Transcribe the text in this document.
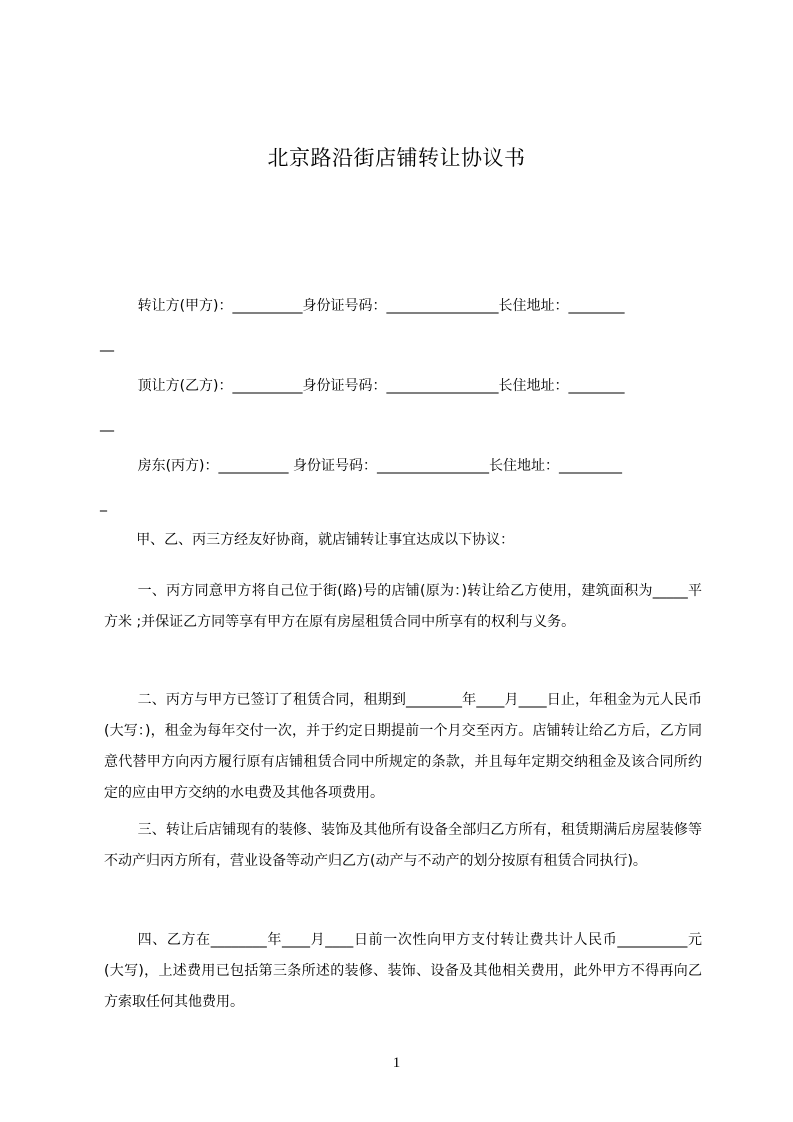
北京路沿街店铺转让协议书
转让方(甲方)：__________身份证号码：________________长住地址：________
__
顶让方(乙方)：__________身份证号码：________________长住地址：________
__
房东(丙方)：__________ 身份证号码：________________长住地址：_________
_
甲、乙、丙三方经友好协商，就店铺转让事宜达成以下协议：
一、丙方同意甲方将自己位于街(路)号的店铺(原为：)转让给乙方使用，建筑面积为_____平方米 ;并保证乙方同等享有甲方在原有房屋租赁合同中所享有的权利与义务。
二、丙方与甲方已签订了租赁合同，租期到________年____月____日止，年租金为元人民币(大写：)，租金为每年交付一次，并于约定日期提前一个月交至丙方。店铺转让给乙方后，乙方同意代替甲方向丙方履行原有店铺租赁合同中所规定的条款，并且每年定期交纳租金及该合同所约定的应由甲方交纳的水电费及其他各项费用。
三、转让后店铺现有的装修、装饰及其他所有设备全部归乙方所有，租赁期满后房屋装修等不动产归丙方所有，营业设备等动产归乙方(动产与不动产的划分按原有租赁合同执行)。
四、乙方在________年____月____日前一次性向甲方支付转让费共计人民币__________元(大写)，上述费用已包括第三条所述的装修、装饰、设备及其他相关费用，此外甲方不得再向乙方索取任何其他费用。
1
